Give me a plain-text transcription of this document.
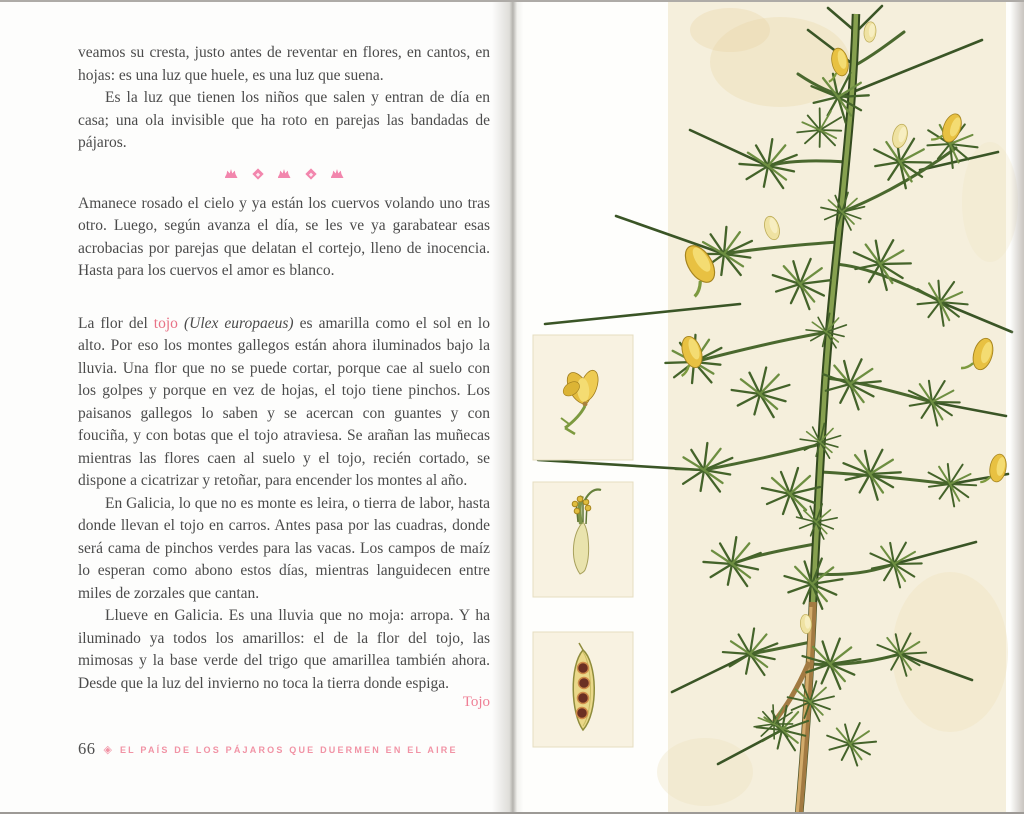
veamos su cresta, justo antes de reventar en flores, en cantos, en hojas: es una luz que huele, es una luz que suena.

Es la luz que tienen los niños que salen y entran de día en casa; una ola invisible que ha roto en parejas las bandadas de pájaros.

Amanece rosado el cielo y ya están los cuervos volando uno tras otro. Luego, según avanza el día, se les ve ya garabatear esas acrobacias por parejas que delatan el cortejo, lleno de inocencia. Hasta para los cuervos el amor es blanco.

La flor del tojo (Ulex europaeus) es amarilla como el sol en lo alto. Por eso los montes gallegos están ahora iluminados bajo la lluvia. Una flor que no se puede cortar, porque cae al suelo con los golpes y porque en vez de hojas, el tojo tiene pinchos. Los paisanos gallegos lo saben y se acercan con guantes y con fouciña, y con botas que el tojo atraviesa. Se arañan las muñecas mientras las flores caen al suelo y el tojo, recién cortado, se dispone a cicatrizar y retoñar, para encender los montes al año.

En Galicia, lo que no es monte es leira, o tierra de labor, hasta donde llevan el tojo en carros. Antes pasa por las cuadras, donde será cama de pinchos verdes para las vacas. Los campos de maíz lo esperan como abono estos días, mientras languidecen entre miles de zorzales que cantan.

Llueve en Galicia. Es una lluvia que no moja: arropa. Y ha iluminado ya todos los amarillos: el de la flor del tojo, las mimosas y la base verde del trigo que amarillea también ahora. Desde que la luz del invierno no toca la tierra donde espiga.

Tojo
66 ◈ EL PAÍS DE LOS PÁJAROS QUE DUERMEN EN EL AIRE
